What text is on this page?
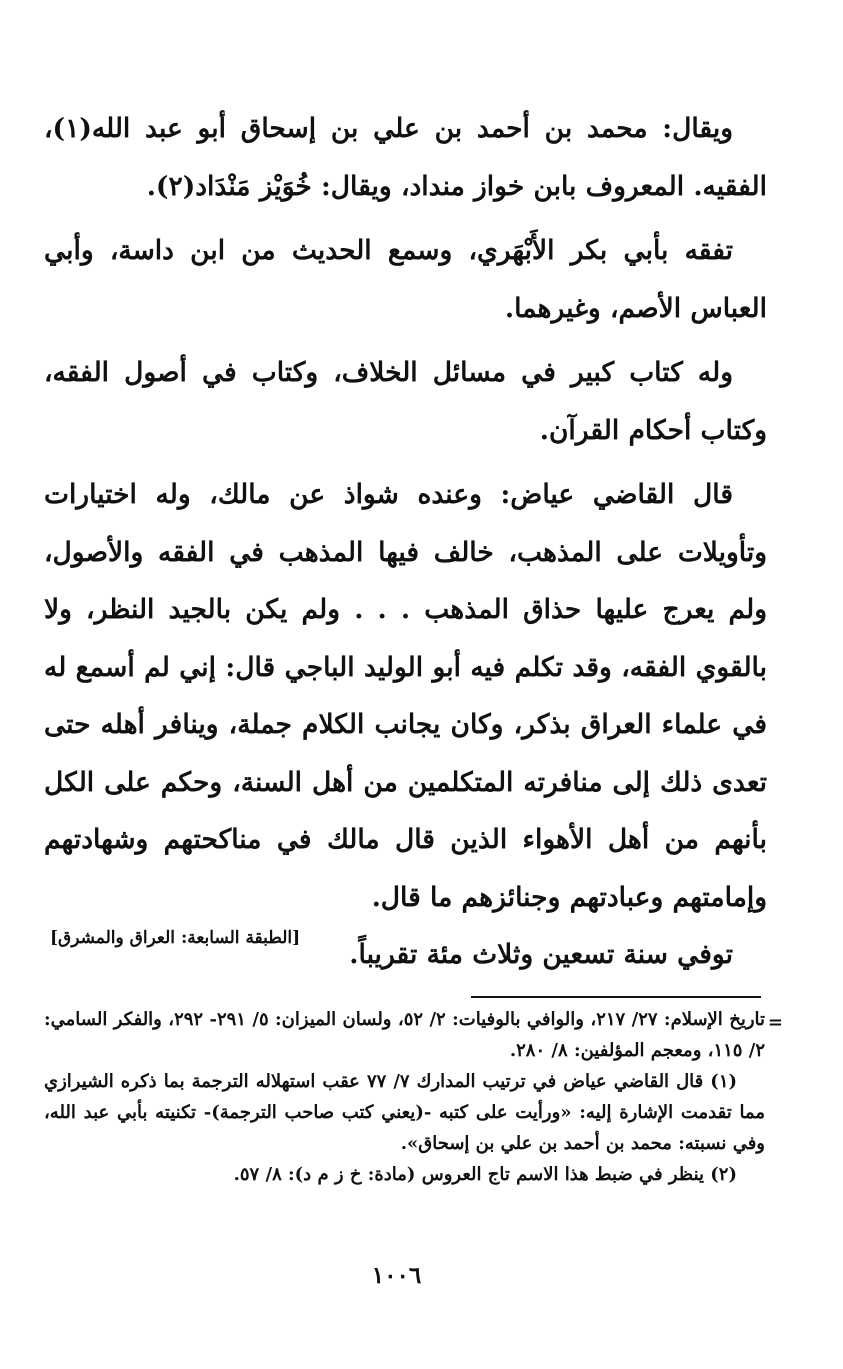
ويقال: محمد بن أحمد بن علي بن إسحاق أبو عبد الله(١)، الفقيه. المعروف بابن خواز منداد، ويقال: خُوَيْز مَنْدَاد(٢).

تفقه بأبي بكر الأَبْهَري، وسمع الحديث من ابن داسة، وأبي العباس الأصم، وغيرهما.

وله كتاب كبير في مسائل الخلاف، وكتاب في أصول الفقه، وكتاب أحكام القرآن.

قال القاضي عياض: وعنده شواذ عن مالك، وله اختيارات وتأويلات على المذهب، خالف فيها المذهب في الفقه والأصول، ولم يعرج عليها حذاق المذهب . . . ولم يكن بالجيد النظر، ولا بالقوي الفقه، وقد تكلم فيه أبو الوليد الباجي قال: إني لم أسمع له في علماء العراق بذكر، وكان يجانب الكلام جملة، وينافر أهله حتى تعدى ذلك إلى منافرته المتكلمين من أهل السنة، وحكم على الكل بأنهم من أهل الأهواء الذين قال مالك في مناكحتهم وشهادتهم وإمامتهم وعبادتهم وجنائزهم ما قال.

توفي سنة تسعين وثلاث مئة تقريباً.

[الطبقة السابعة: العراق والمشرق]
=

تاريخ الإسلام: ٢٧/ ٢١٧، والوافي بالوفيات: ٢/ ٥٢، ولسان الميزان: ٥/ ٢٩١- ٢٩٢، والفكر السامي: ٢/ ١١٥، ومعجم المؤلفين: ٨/ ٢٨٠.

(١) قال القاضي عياض في ترتيب المدارك ٧/ ٧٧ عقب استهلاله الترجمة بما ذكره الشيرازي مما تقدمت الإشارة إليه: «ورأيت على كتبه -(يعني كتب صاحب الترجمة)- تكنيته بأبي عبد الله، وفي نسبته: محمد بن أحمد بن علي بن إسحاق».

(٢) ينظر في ضبط هذا الاسم تاج العروس (مادة: خ ز م د): ٨/ ٥٧.

١٠٠٦
